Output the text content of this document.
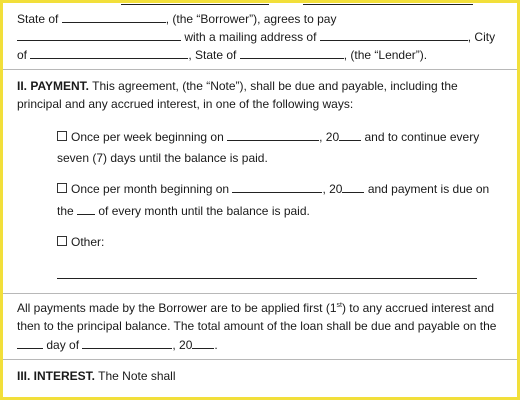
State of	, (the “Borrower”), agrees to pay
with a mailing address of	, City
of	, State of	, (the “Lender”).
II. PAYMENT. This agreement, (the “Note”), shall be due and payable, including the
principal and any accrued interest, in one of the following ways:
Once per week beginning on	, 20 and to continue every
seven (7) days until the balance is paid.
Once per month beginning on	, 20 and payment is due on
the of every month until the balance is paid.
Other:
All payments made by the Borrower are to be applied first (1st) to any accrued interest and
then to the principal balance. The total amount of the loan shall be due and payable on the
day of	, 20 .
III. INTEREST. The Note shall
